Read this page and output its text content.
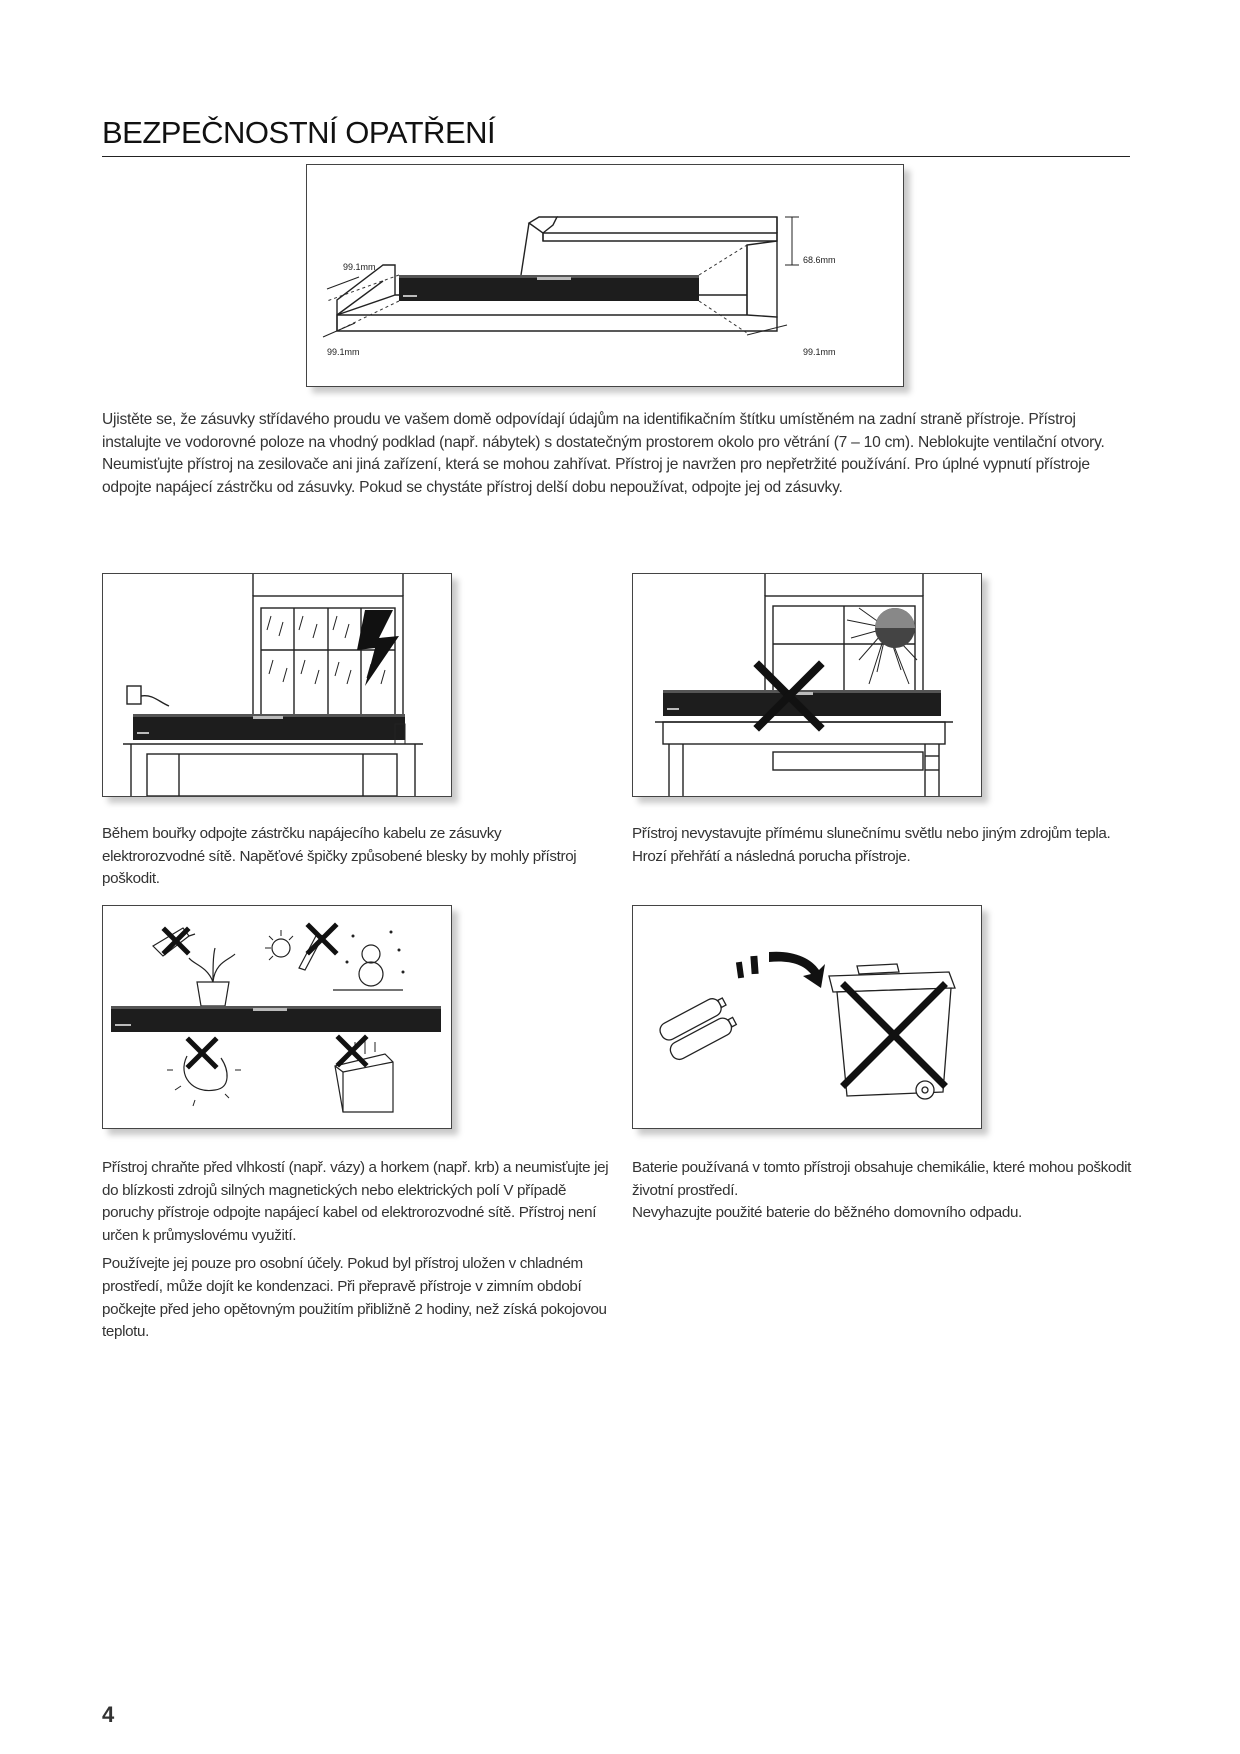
BEZPEČNOSTNÍ OPATŘENÍ
99.1mm
99.1mm	99.1mm
68.6mm

Ujistěte se, že zásuvky střídavého proudu ve vašem domě odpovídají údajům na identifikačním štítku umístěném na zadní straně přístroje. Přístroj instalujte ve vodorovné poloze na vhodný podklad (např. nábytek) s dostatečným prostorem okolo pro větrání (7 – 10 cm). Neblokujte ventilační otvory. Neumisťujte přístroj na zesilovače ani jiná zařízení, která se mohou zahřívat. Přístroj je navržen pro nepřetržité používání. Pro úplné vypnutí přístroje odpojte napájecí zástrčku od zásuvky. Pokud se chystáte přístroj delší dobu nepoužívat, odpojte jej od zásuvky.

Během bouřky odpojte zástrčku napájecího kabelu ze zásuvky elektrorozvodné sítě. Napěťové špičky způsobené blesky by mohly přístroj poškodit.

Přístroj nevystavujte přímému slunečnímu světlu nebo jiným zdrojům tepla. Hrozí přehřátí a následná porucha přístroje.

Přístroj chraňte před vlhkostí (např. vázy) a horkem (např. krb) a neumisťujte jej do blízkosti zdrojů silných magnetických nebo elektrických polí V případě poruchy přístroje odpojte napájecí kabel od elektrorozvodné sítě. Přístroj není určen k průmyslovému využití.

Používejte jej pouze pro osobní účely. Pokud byl přístroj uložen v chladném prostředí, může dojít ke kondenzaci. Při přepravě přístroje v zimním období počkejte před jeho opětovným použitím přibližně 2 hodiny, než získá pokojovou teplotu.

Baterie používaná v tomto přístroji obsahuje chemikálie, které mohou poškodit životní prostředí.

Nevyhazujte použité baterie do běžného domovního odpadu.

4
